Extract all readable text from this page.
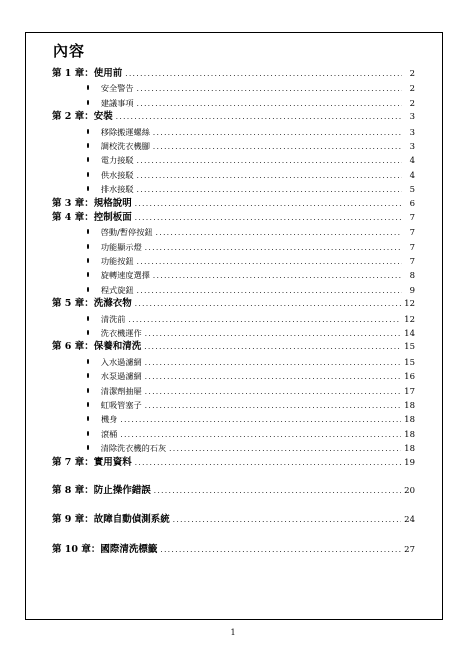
內容
第 1 章：使用前 .....	2
安全警告 .....	2
建議事項 .....	2
第 2 章：安裝 .....	3
移除搬運螺絲 .....	3
調校洗衣機腳 .....	3
電力接駁 .....	4
供水接駁 .....	4
排水接駁 .....	5
第 3 章：規格說明 .....	6
第 4 章：控制板面 .....	7
啓動/暫停按鈕 .....	7
功能顯示燈 .....	7
功能按鈕 .....	7
旋轉速度選擇 .....	8
程式旋鈕 .....	9
第 5 章：洗滌衣物 .....	12
清洗前 .....	12
洗衣機運作 .....	14
第 6 章：保養和清洗 .....	15
入水過濾網 .....	15
水泵過濾網 .....	16
清潔劑抽屜 .....	17
虹吸管塞子 .....	18
機身 .....	18
滾桶 .....	18
清除洗衣機的石灰 .....	18
第 7 章：實用資料 .....	19
第 8 章：防止操作錯誤 .....	20
第 9 章：故障自動偵測系統 .....	24
第 10 章：國際清洗標籤 .....	27
1
